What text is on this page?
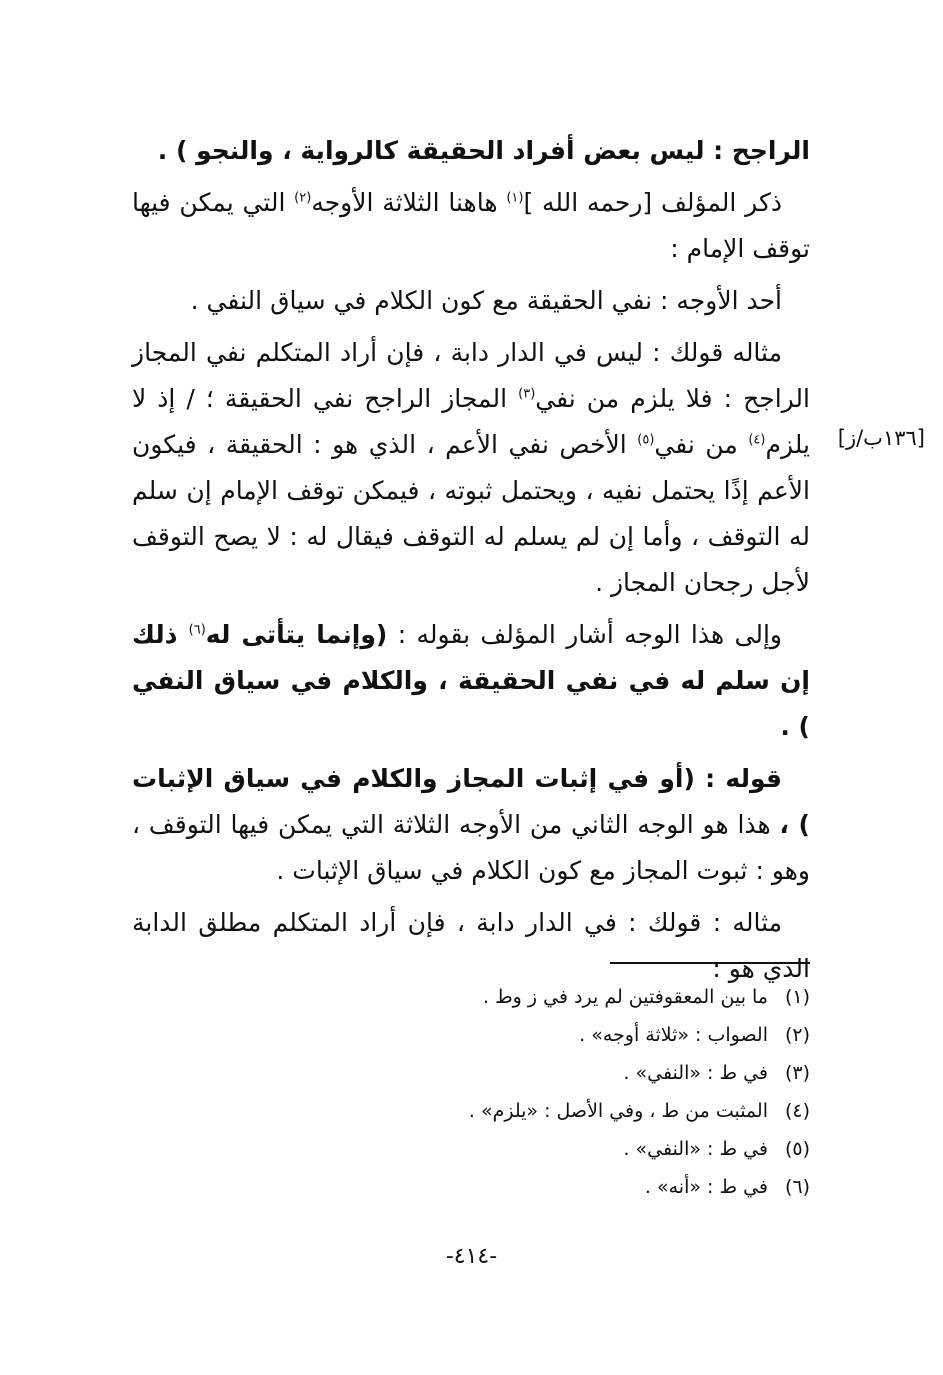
الراجح : ليس بعض أفراد الحقيقة كالرواية ، والنجو ) .

ذكر المؤلف [رحمه الله ]$^{(١)}$ هاهنا الثلاثة الأوجه$^{(٢)}$ التي يمكن فيها توقف الإمام :

أحد الأوجه : نفي الحقيقة مع كون الكلام في سياق النفي .

مثاله قولك : ليس في الدار دابة ، فإن أراد المتكلم نفي المجاز الراجح : فلا يلزم من نفي$^{(٣)}$ المجاز الراجح نفي الحقيقة ؛ / إذ لا يلزم$^{(٤)}$ من نفي$^{(٥)}$ الأخص نفي الأعم ، الذي هو : الحقيقة ، فيكون الأعم إذًا يحتمل نفيه ، ويحتمل ثبوته ، فيمكن توقف الإمام إن سلم له التوقف ، وأما إن لم يسلم له التوقف فيقال له : لا يصح التوقف لأجل رجحان المجاز .

وإلى هذا الوجه أشار المؤلف بقوله : (وإنما يتأتى له$^{(٦)}$ ذلك إن سلم له في نفي الحقيقة ، والكلام في سياق النفي ) .

قوله : (أو في إثبات المجاز والكلام في سياق الإثبات ) ، هذا هو الوجه الثاني من الأوجه الثلاثة التي يمكن فيها التوقف ، وهو : ثبوت المجاز مع كون الكلام في سياق الإثبات .

مثاله : قولك : في الدار دابة ، فإن أراد المتكلم مطلق الدابة الذي هو :

[١٣٦ب/ز]
(١)ما بين المعقوفتين لم يرد في ز وط .
(٢)الصواب : «ثلاثة أوجه» .
(٣)في ط : «النفي» .
(٤)المثبت من ط ، وفي الأصل : «يلزم» .
(٥)في ط : «النفي» .
(٦)في ط : «أنه» .
-٤١٤-
